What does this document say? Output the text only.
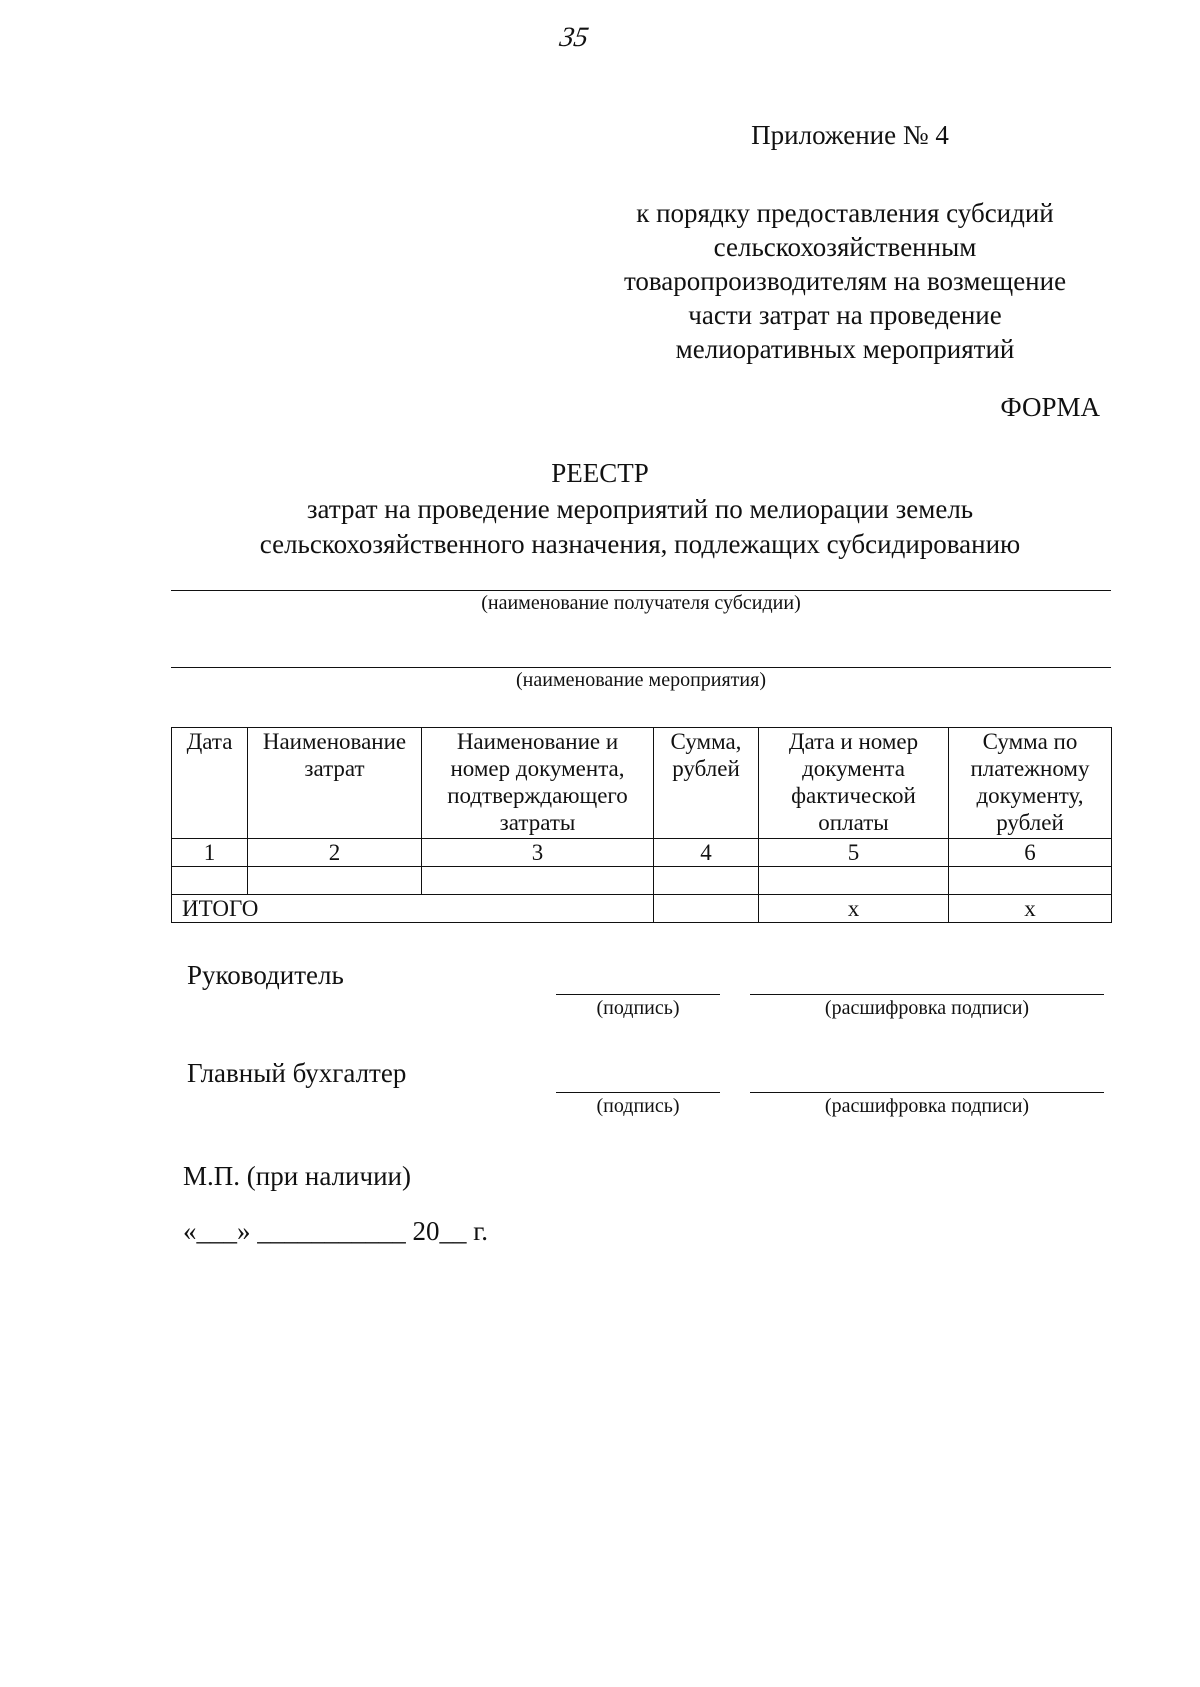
35
Приложение № 4
к порядку предоставления субсидий
сельскохозяйственным
товаропроизводителям на возмещение
части затрат на проведение
мелиоративных мероприятий
ФОРМА
РЕЕСТР
затрат на проведение мероприятий по мелиорации земель
сельскохозяйственного назначения, подлежащих субсидированию
(наименование получателя субсидии)
(наименование мероприятия)
Дата	Наименование затрат	Наименование и номер документа, подтверждающего затраты	Сумма, рублей	Дата и номер документа фактической оплаты	Сумма по платежному документу, рублей
1	2	3	4	5	6

ИТОГО				х	х
Руководитель
(подпись)	(расшифровка подписи)
Главный бухгалтер
(подпись)	(расшифровка подписи)
М.П. (при наличии)
«___» ___________ 20__ г.
